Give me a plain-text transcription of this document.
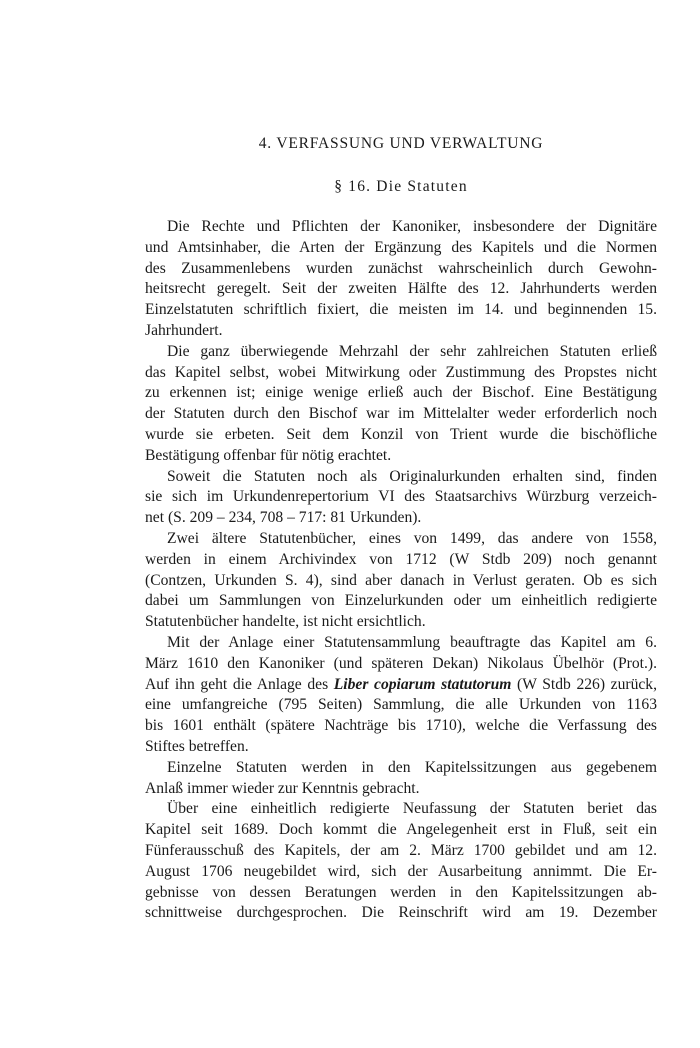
4. VERFASSUNG UND VERWALTUNG
§ 16. Die Statuten
Die Rechte und Pflichten der Kanoniker, insbesondere der Dignitäre
und Amtsinhaber, die Arten der Ergänzung des Kapitels und die Normen
des Zusammenlebens wurden zunächst wahrscheinlich durch Gewohn-
heitsrecht geregelt. Seit der zweiten Hälfte des 12. Jahrhunderts werden
Einzelstatuten schriftlich fixiert, die meisten im 14. und beginnenden 15.
Jahrhundert.
Die ganz überwiegende Mehrzahl der sehr zahlreichen Statuten erließ
das Kapitel selbst, wobei Mitwirkung oder Zustimmung des Propstes nicht
zu erkennen ist; einige wenige erließ auch der Bischof. Eine Bestätigung
der Statuten durch den Bischof war im Mittelalter weder erforderlich noch
wurde sie erbeten. Seit dem Konzil von Trient wurde die bischöfliche
Bestätigung offenbar für nötig erachtet.
Soweit die Statuten noch als Originalurkunden erhalten sind, finden
sie sich im Urkundenrepertorium VI des Staatsarchivs Würzburg verzeich-
net (S. 209 – 234, 708 – 717: 81 Urkunden).
Zwei ältere Statutenbücher, eines von 1499, das andere von 1558,
werden in einem Archivindex von 1712 (W Stdb 209) noch genannt
(Contzen, Urkunden S. 4), sind aber danach in Verlust geraten. Ob es sich
dabei um Sammlungen von Einzelurkunden oder um einheitlich redigierte
Statutenbücher handelte, ist nicht ersichtlich.
Mit der Anlage einer Statutensammlung beauftragte das Kapitel am 6.
März 1610 den Kanoniker (und späteren Dekan) Nikolaus Übelhör (Prot.).
Auf ihn geht die Anlage des Liber copiarum statutorum (W Stdb 226) zurück,
eine umfangreiche (795 Seiten) Sammlung, die alle Urkunden von 1163
bis 1601 enthält (spätere Nachträge bis 1710), welche die Verfassung des
Stiftes betreffen.
Einzelne Statuten werden in den Kapitelssitzungen aus gegebenem
Anlaß immer wieder zur Kenntnis gebracht.
Über eine einheitlich redigierte Neufassung der Statuten beriet das
Kapitel seit 1689. Doch kommt die Angelegenheit erst in Fluß, seit ein
Fünferausschuß des Kapitels, der am 2. März 1700 gebildet und am 12.
August 1706 neugebildet wird, sich der Ausarbeitung annimmt. Die Er-
gebnisse von dessen Beratungen werden in den Kapitelssitzungen ab-
schnittweise durchgesprochen. Die Reinschrift wird am 19. Dezember
